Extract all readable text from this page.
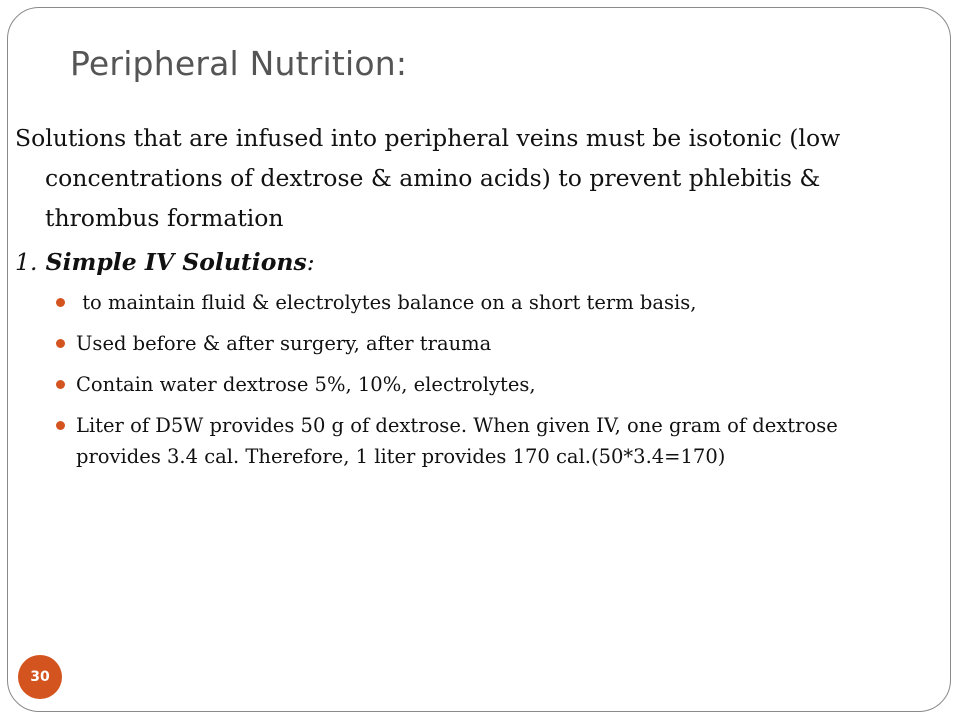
Peripheral Nutrition:

Solutions that are infused into peripheral veins must be isotonic (low concentrations of dextrose & amino acids) to prevent phlebitis & thrombus formation

1. Simple IV Solutions:

to maintain fluid & electrolytes balance on a short term basis,
Used before & after surgery, after trauma
Contain water dextrose 5%, 10%, electrolytes,
Liter of D5W provides 50 g of dextrose. When given IV, one gram of dextrose provides 3.4 cal. Therefore, 1 liter provides 170 cal.(50*3.4=170)
30
